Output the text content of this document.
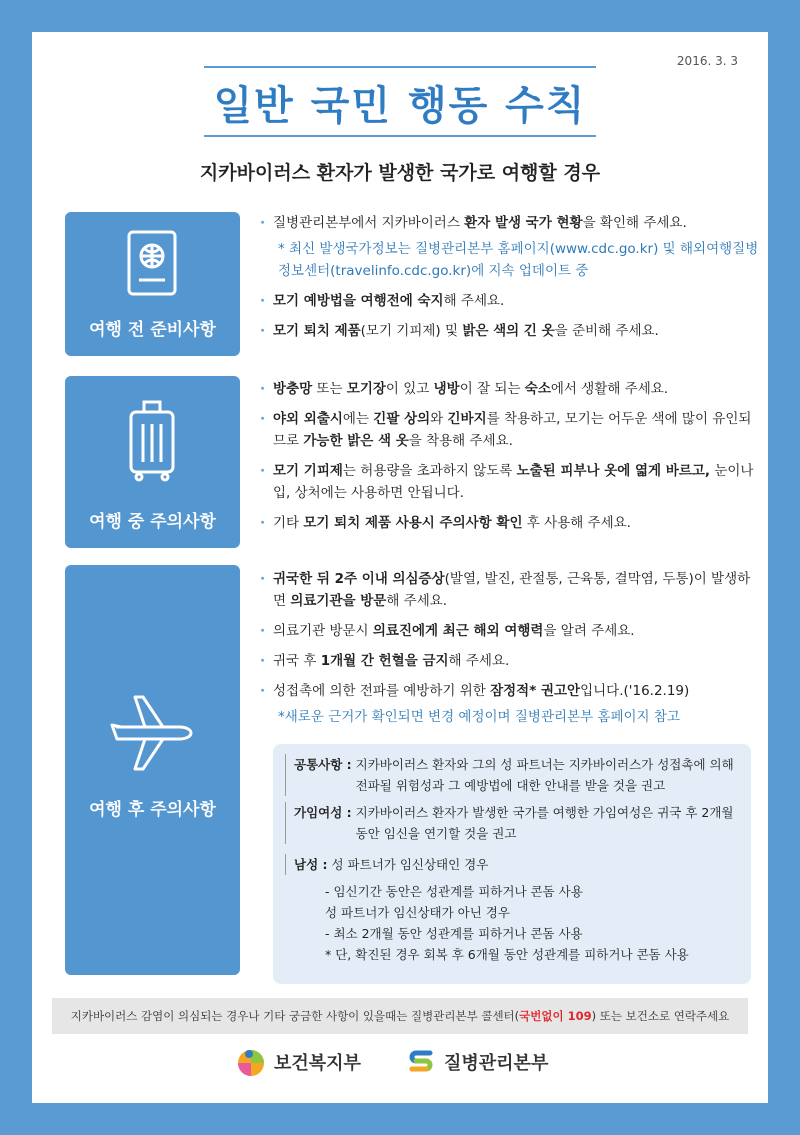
2016. 3. 3
일반 국민 행동 수칙
지카바이러스 환자가 발생한 국가로 여행할 경우
여행 전 준비사항
· 질병관리본부에서 지카바이러스 환자 발생 국가 현황을 확인해 주세요.
* 최신 발생국가정보는 질병관리본부 홈페이지(www.cdc.go.kr) 및 해외여행질병정보센터(travelinfo.cdc.go.kr)에 지속 업데이트 중
· 모기 예방법을 여행전에 숙지해 주세요.
· 모기 퇴치 제품(모기 기피제) 및 밝은 색의 긴 옷을 준비해 주세요.
여행 중 주의사항
· 방충망 또는 모기장이 있고 냉방이 잘 되는 숙소에서 생활해 주세요.
· 야외 외출시에는 긴팔 상의와 긴바지를 착용하고, 모기는 어두운 색에 많이 유인되므로 가능한 밝은 색 옷을 착용해 주세요.
· 모기 기피제는 허용량을 초과하지 않도록 노출된 피부나 옷에 엷게 바르고, 눈이나 입, 상처에는 사용하면 안됩니다.
· 기타 모기 퇴치 제품 사용시 주의사항 확인 후 사용해 주세요.
여행 후 주의사항
· 귀국한 뒤 2주 이내 의심증상(발열, 발진, 관절통, 근육통, 결막염, 두통)이 발생하면 의료기관을 방문해 주세요.
· 의료기관 방문시 의료진에게 최근 해외 여행력을 알려 주세요.
· 귀국 후 1개월 간 헌혈을 금지해 주세요.
· 성접촉에 의한 전파를 예방하기 위한 잠정적* 권고안입니다.('16.2.19)
*새로운 근거가 확인되면 변경 예정이며 질병관리본부 홈페이지 참고
공통사항 : 지카바이러스 환자와 그의 성 파트너는 지카바이러스가 성접촉에 의해 전파될 위험성과 그 예방법에 대한 안내를 받을 것을 권고
가임여성 : 지카바이러스 환자가 발생한 국가를 여행한 가임여성은 귀국 후 2개월 동안 임신을 연기할 것을 권고
남성 : 성 파트너가 임신상태인 경우
- 임신기간 동안은 성관계를 피하거나 콘돔 사용
성 파트너가 임신상태가 아닌 경우
- 최소 2개월 동안 성관계를 피하거나 콘돔 사용
* 단, 확진된 경우 회복 후 6개월 동안 성관계를 피하거나 콘돔 사용
지카바이러스 감염이 의심되는 경우나 기타 궁금한 사항이 있을때는 질병관리본부 콜센터( 국번없이 109 ) 또는 보건소로 연락주세요
보건복지부	질병관리본부
